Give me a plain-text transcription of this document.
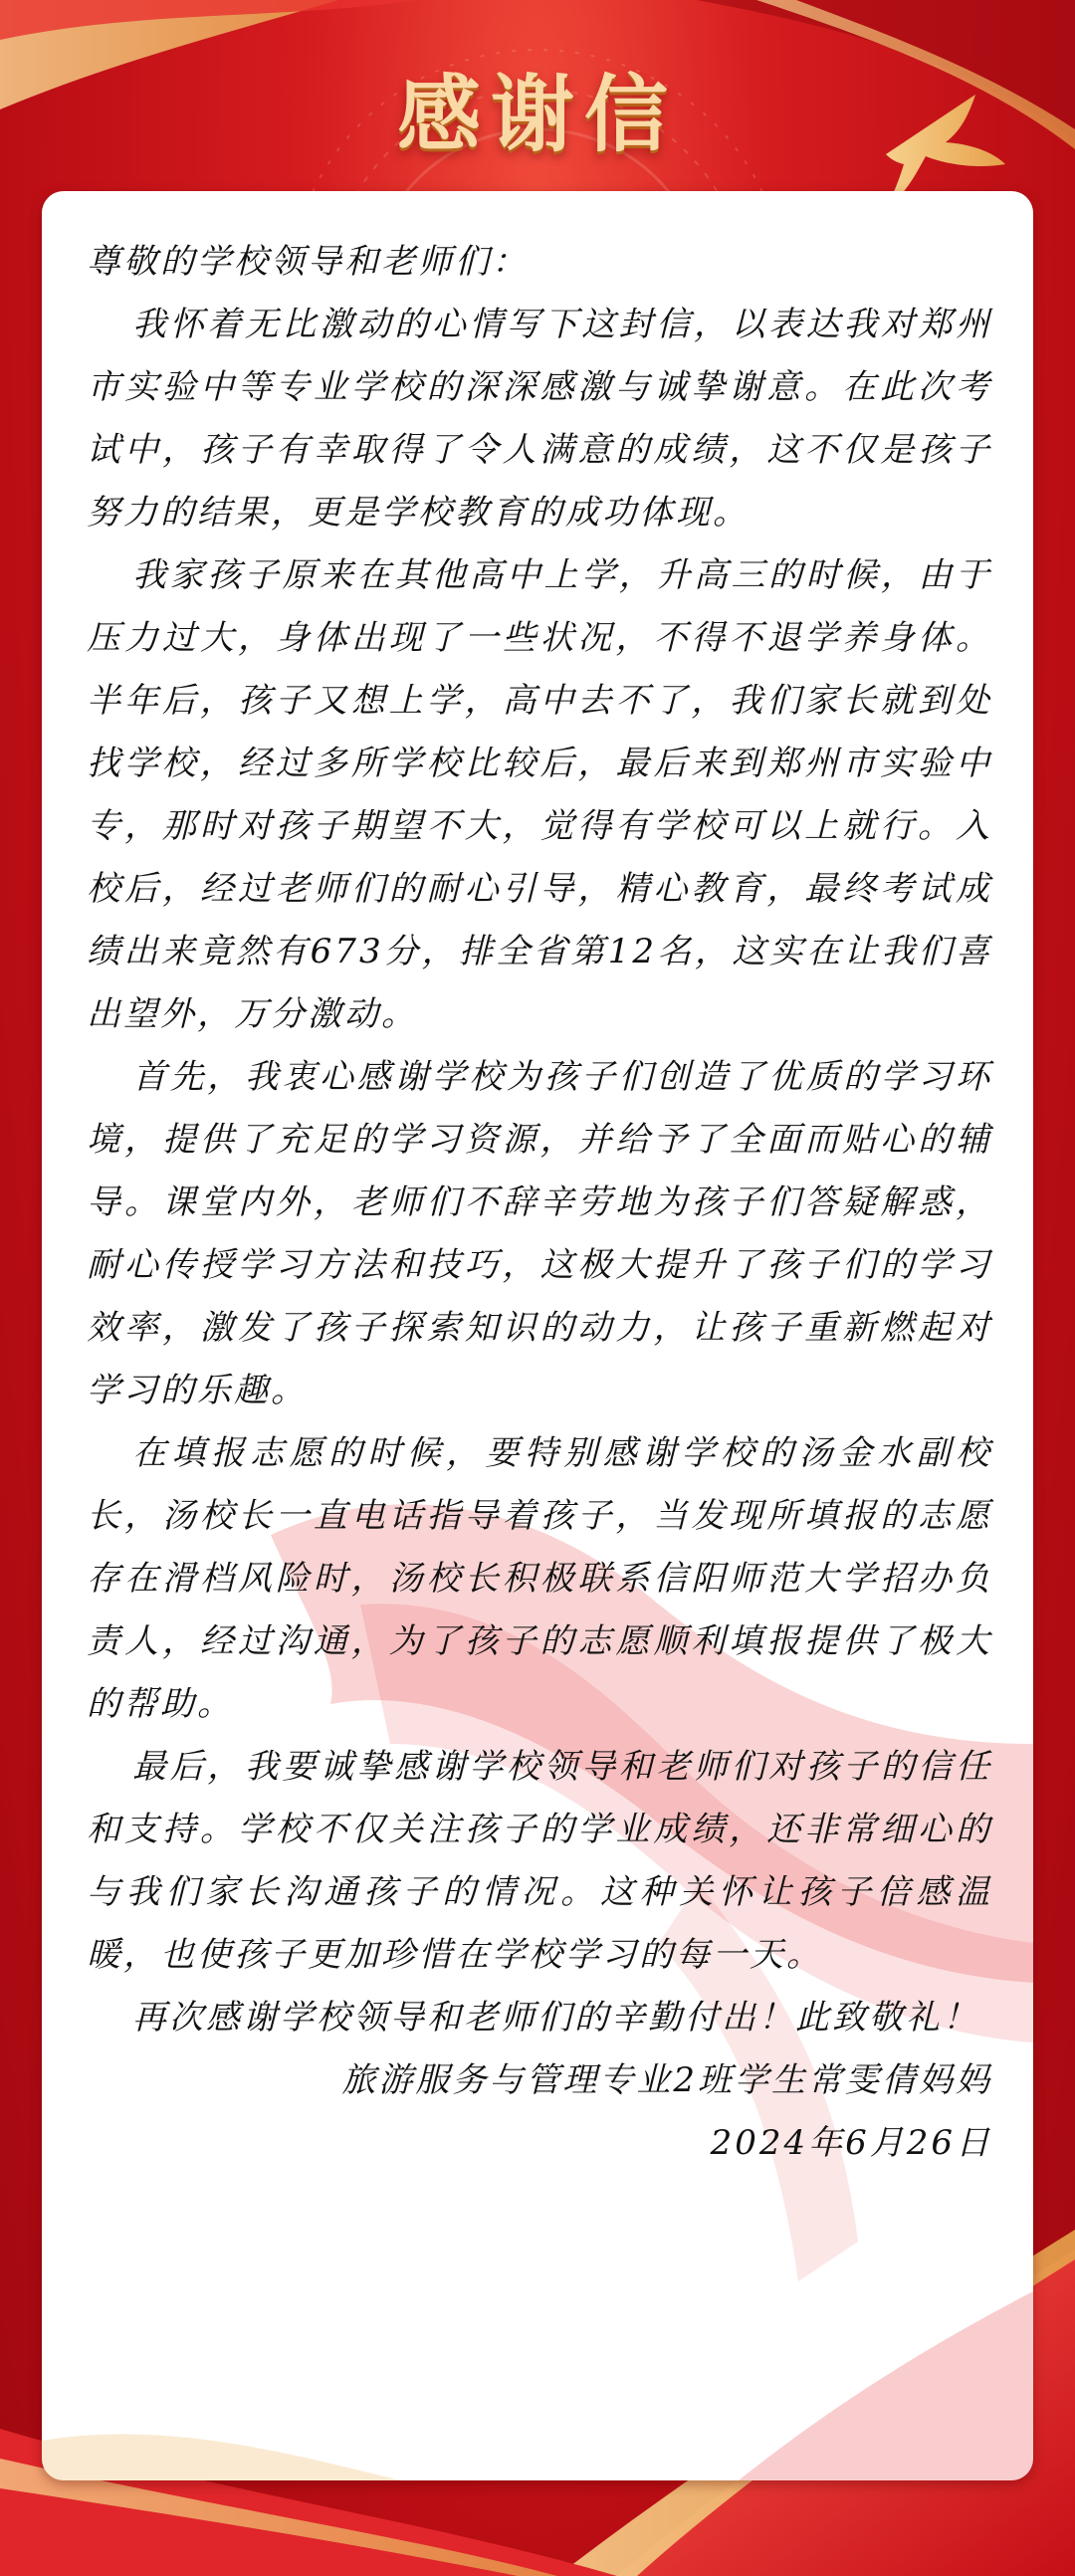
感谢信

尊敬的学校领导和老师们：

我怀着无比激动的心情写下这封信，以表达我对郑州市实验中等专业学校的深深感激与诚挚谢意。在此次考试中，孩子有幸取得了令人满意的成绩，这不仅是孩子努力的结果，更是学校教育的成功体现。

我家孩子原来在其他高中上学，升高三的时候，由于压力过大，身体出现了一些状况，不得不退学养身体。半年后，孩子又想上学，高中去不了，我们家长就到处找学校，经过多所学校比较后，最后来到郑州市实验中专，那时对孩子期望不大，觉得有学校可以上就行。入校后，经过老师们的耐心引导，精心教育，最终考试成绩出来竟然有673分，排全省第12名，这实在让我们喜出望外，万分激动。

首先，我衷心感谢学校为孩子们创造了优质的学习环境，提供了充足的学习资源，并给予了全面而贴心的辅导。课堂内外，老师们不辞辛劳地为孩子们答疑解惑，耐心传授学习方法和技巧，这极大提升了孩子们的学习效率，激发了孩子探索知识的动力，让孩子重新燃起对学习的乐趣。

在填报志愿的时候，要特别感谢学校的汤金水副校长，汤校长一直电话指导着孩子，当发现所填报的志愿存在滑档风险时，汤校长积极联系信阳师范大学招办负责人，经过沟通，为了孩子的志愿顺利填报提供了极大的帮助。

最后，我要诚挚感谢学校领导和老师们对孩子的信任和支持。学校不仅关注孩子的学业成绩，还非常细心的与我们家长沟通孩子的情况。这种关怀让孩子倍感温暖，也使孩子更加珍惜在学校学习的每一天。

再次感谢学校领导和老师们的辛勤付出！此致敬礼！

旅游服务与管理专业2班学生常雯倩妈妈

2024年6月26日
